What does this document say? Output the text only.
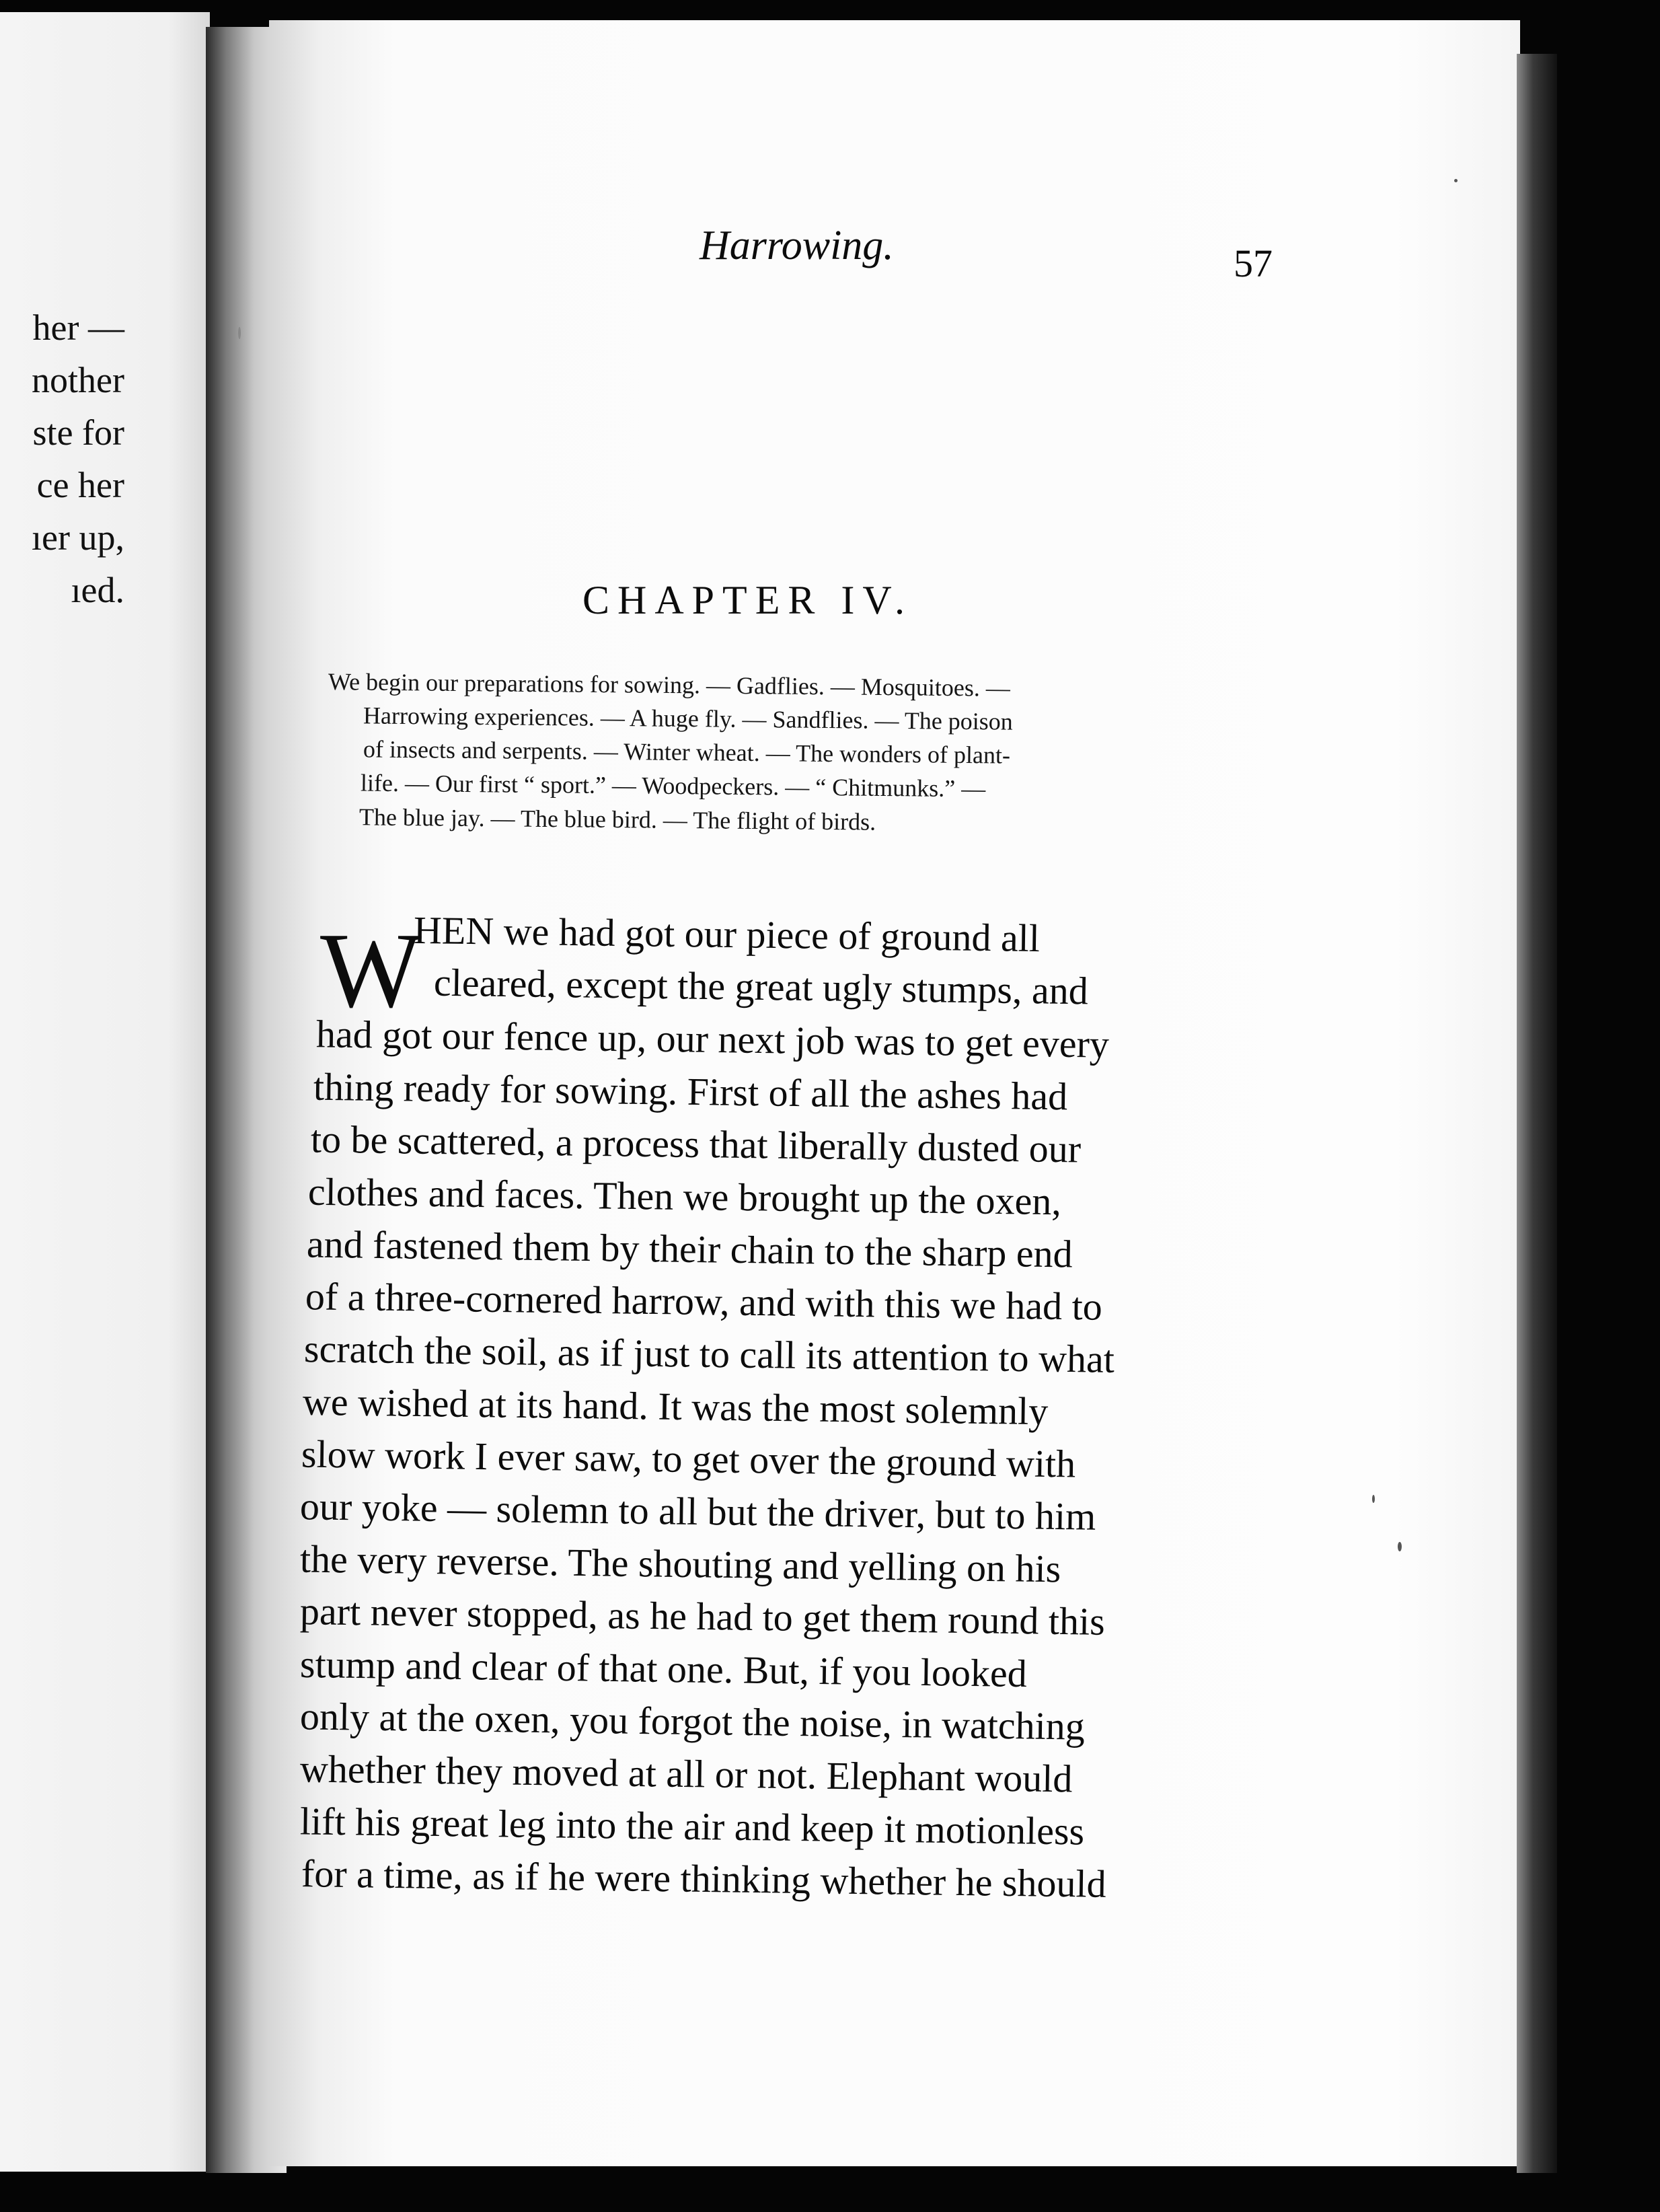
her —
nother
ste for
ce her
ıer up,
ıed.
Harrowing.	57
CHAPTER IV.
We begin our preparations for sowing. — Gadflies. — Mosquitoes. —
Harrowing experiences. — A huge fly. — Sandflies. — The poison
of insects and serpents. — Winter wheat. — The wonders of plant-
life. — Our first “ sport.” — Woodpeckers. — “ Chitmunks.” —
The blue jay. — The blue bird. — The flight of birds.
W
HEN we had got our piece of ground all
cleared, except the great ugly stumps, and
had got our fence up, our next job was to get every
thing ready for sowing. First of all the ashes had
to be scattered, a process that liberally dusted our
clothes and faces. Then we brought up the oxen,
and fastened them by their chain to the sharp end
of a three-cornered harrow, and with this we had to
scratch the soil, as if just to call its attention to what
we wished at its hand. It was the most solemnly
slow work I ever saw, to get over the ground with
our yoke — solemn to all but the driver, but to him
the very reverse. The shouting and yelling on his
part never stopped, as he had to get them round this
stump and clear of that one. But, if you looked
only at the oxen, you forgot the noise, in watching
whether they moved at all or not. Elephant would
lift his great leg into the air and keep it motionless
for a time, as if he were thinking whether he should
